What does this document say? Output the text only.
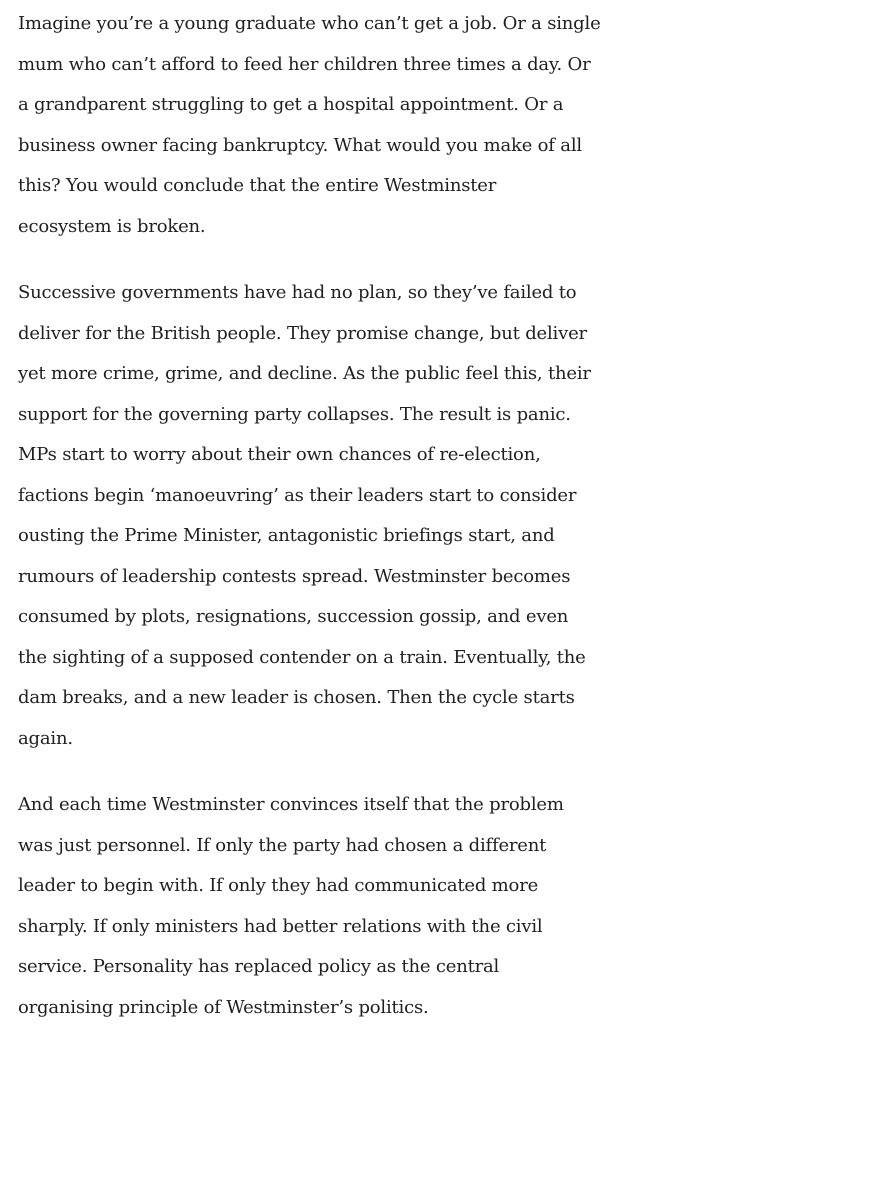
Imagine you’re a young graduate who can’t get a job. Or a single
mum who can’t afford to feed her children three times a day. Or
a grandparent struggling to get a hospital appointment. Or a
business owner facing bankruptcy. What would you make of all
this? You would conclude that the entire Westminster
ecosystem is broken.

Successive governments have had no plan, so they’ve failed to
deliver for the British people. They promise change, but deliver
yet more crime, grime, and decline. As the public feel this, their
support for the governing party collapses. The result is panic.
MPs start to worry about their own chances of re-election,
factions begin ‘manoeuvring’ as their leaders start to consider
ousting the Prime Minister, antagonistic briefings start, and
rumours of leadership contests spread. Westminster becomes
consumed by plots, resignations, succession gossip, and even
the sighting of a supposed contender on a train. Eventually, the
dam breaks, and a new leader is chosen. Then the cycle starts
again.

And each time Westminster convinces itself that the problem
was just personnel. If only the party had chosen a different
leader to begin with. If only they had communicated more
sharply. If only ministers had better relations with the civil
service. Personality has replaced policy as the central
organising principle of Westminster’s politics.
